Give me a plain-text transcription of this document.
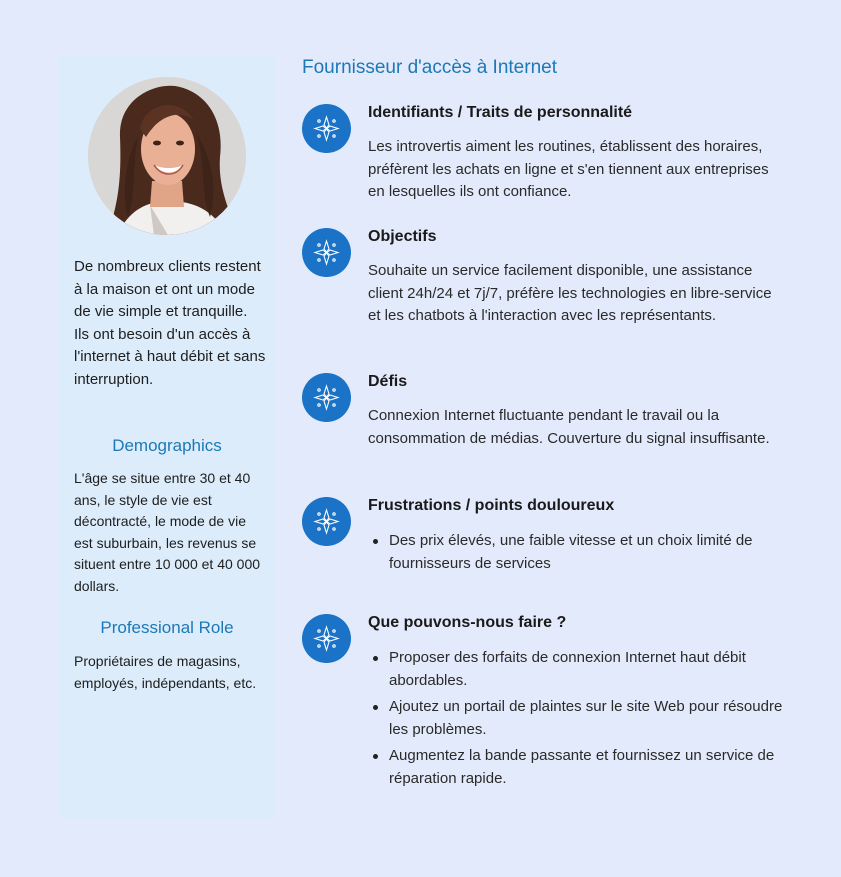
De nombreux clients restent à la maison et ont un mode de vie simple et tranquille. Ils ont besoin d'un accès à l'internet à haut débit et sans interruption.
Demographics
L'âge se situe entre 30 et 40 ans, le style de vie est décontracté, le mode de vie est suburbain, les revenus se situent entre 10 000 et 40 000 dollars.
Professional Role
Propriétaires de magasins, employés, indépendants, etc.
Fournisseur d'accès à Internet
Identifiants / Traits de personnalité
Les introvertis aiment les routines, établissent des horaires, préfèrent les achats en ligne et s'en tiennent aux entreprises en lesquelles ils ont confiance.
Objectifs
Souhaite un service facilement disponible, une assistance client 24h/24 et 7j/7, préfère les technologies en libre-service et les chatbots à l'interaction avec les représentants.
Défis
Connexion Internet fluctuante pendant le travail ou la consommation de médias. Couverture du signal insuffisante.
Frustrations / points douloureux
Des prix élevés, une faible vitesse et un choix limité de fournisseurs de services
Que pouvons-nous faire ?
Proposer des forfaits de connexion Internet haut débit abordables.
Ajoutez un portail de plaintes sur le site Web pour résoudre les problèmes.
Augmentez la bande passante et fournissez un service de réparation rapide.
